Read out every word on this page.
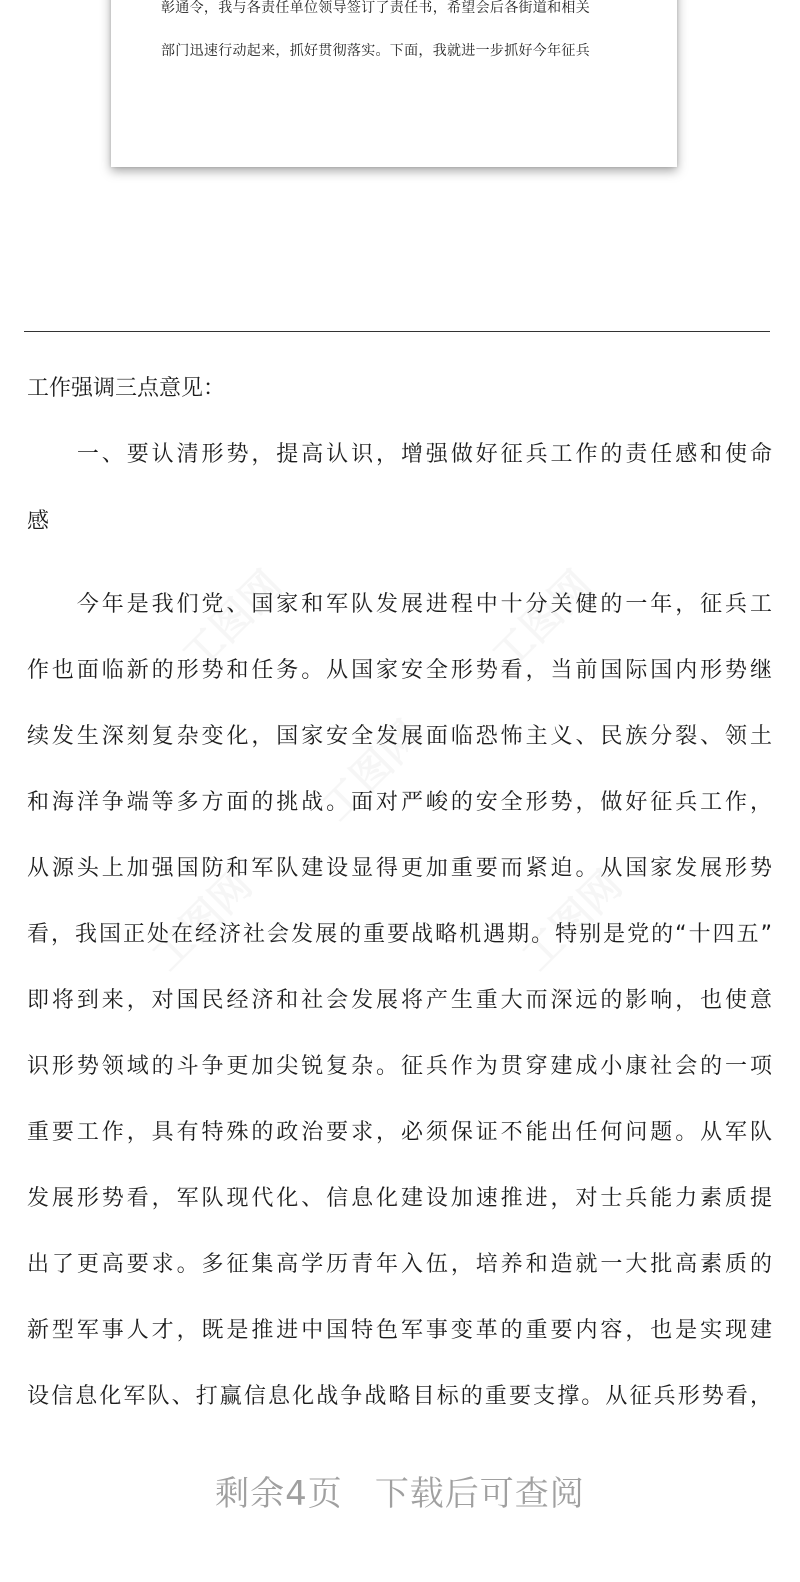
彰通令，我与各责任单位领导签订了责任书，希望会后各街道和相关
部门迅速行动起来，抓好贯彻落实。下面，我就进一步抓好今年征兵
工作强调三点意见：
　　一、要认清形势，提高认识，增强做好征兵工作的责任感和使命
感
　　今年是我们党、国家和军队发展进程中十分关健的一年，征兵工
作也面临新的形势和任务。从国家安全形势看，当前国际国内形势继
续发生深刻复杂变化，国家安全发展面临恐怖主义、民族分裂、领土
和海洋争端等多方面的挑战。面对严峻的安全形势，做好征兵工作，
从源头上加强国防和军队建设显得更加重要而紧迫。从国家发展形势
看，我国正处在经济社会发展的重要战略机遇期。特别是党的“十四五”
即将到来，对国民经济和社会发展将产生重大而深远的影响，也使意
识形势领域的斗争更加尖锐复杂。征兵作为贯穿建成小康社会的一项
重要工作，具有特殊的政治要求，必须保证不能出任何问题。从军队
发展形势看，军队现代化、信息化建设加速推进，对士兵能力素质提
出了更高要求。多征集高学历青年入伍，培养和造就一大批高素质的
新型军事人才，既是推进中国特色军事变革的重要内容，也是实现建
设信息化军队、打赢信息化战争战略目标的重要支撑。从征兵形势看，
剩余4页 下载后可查阅
